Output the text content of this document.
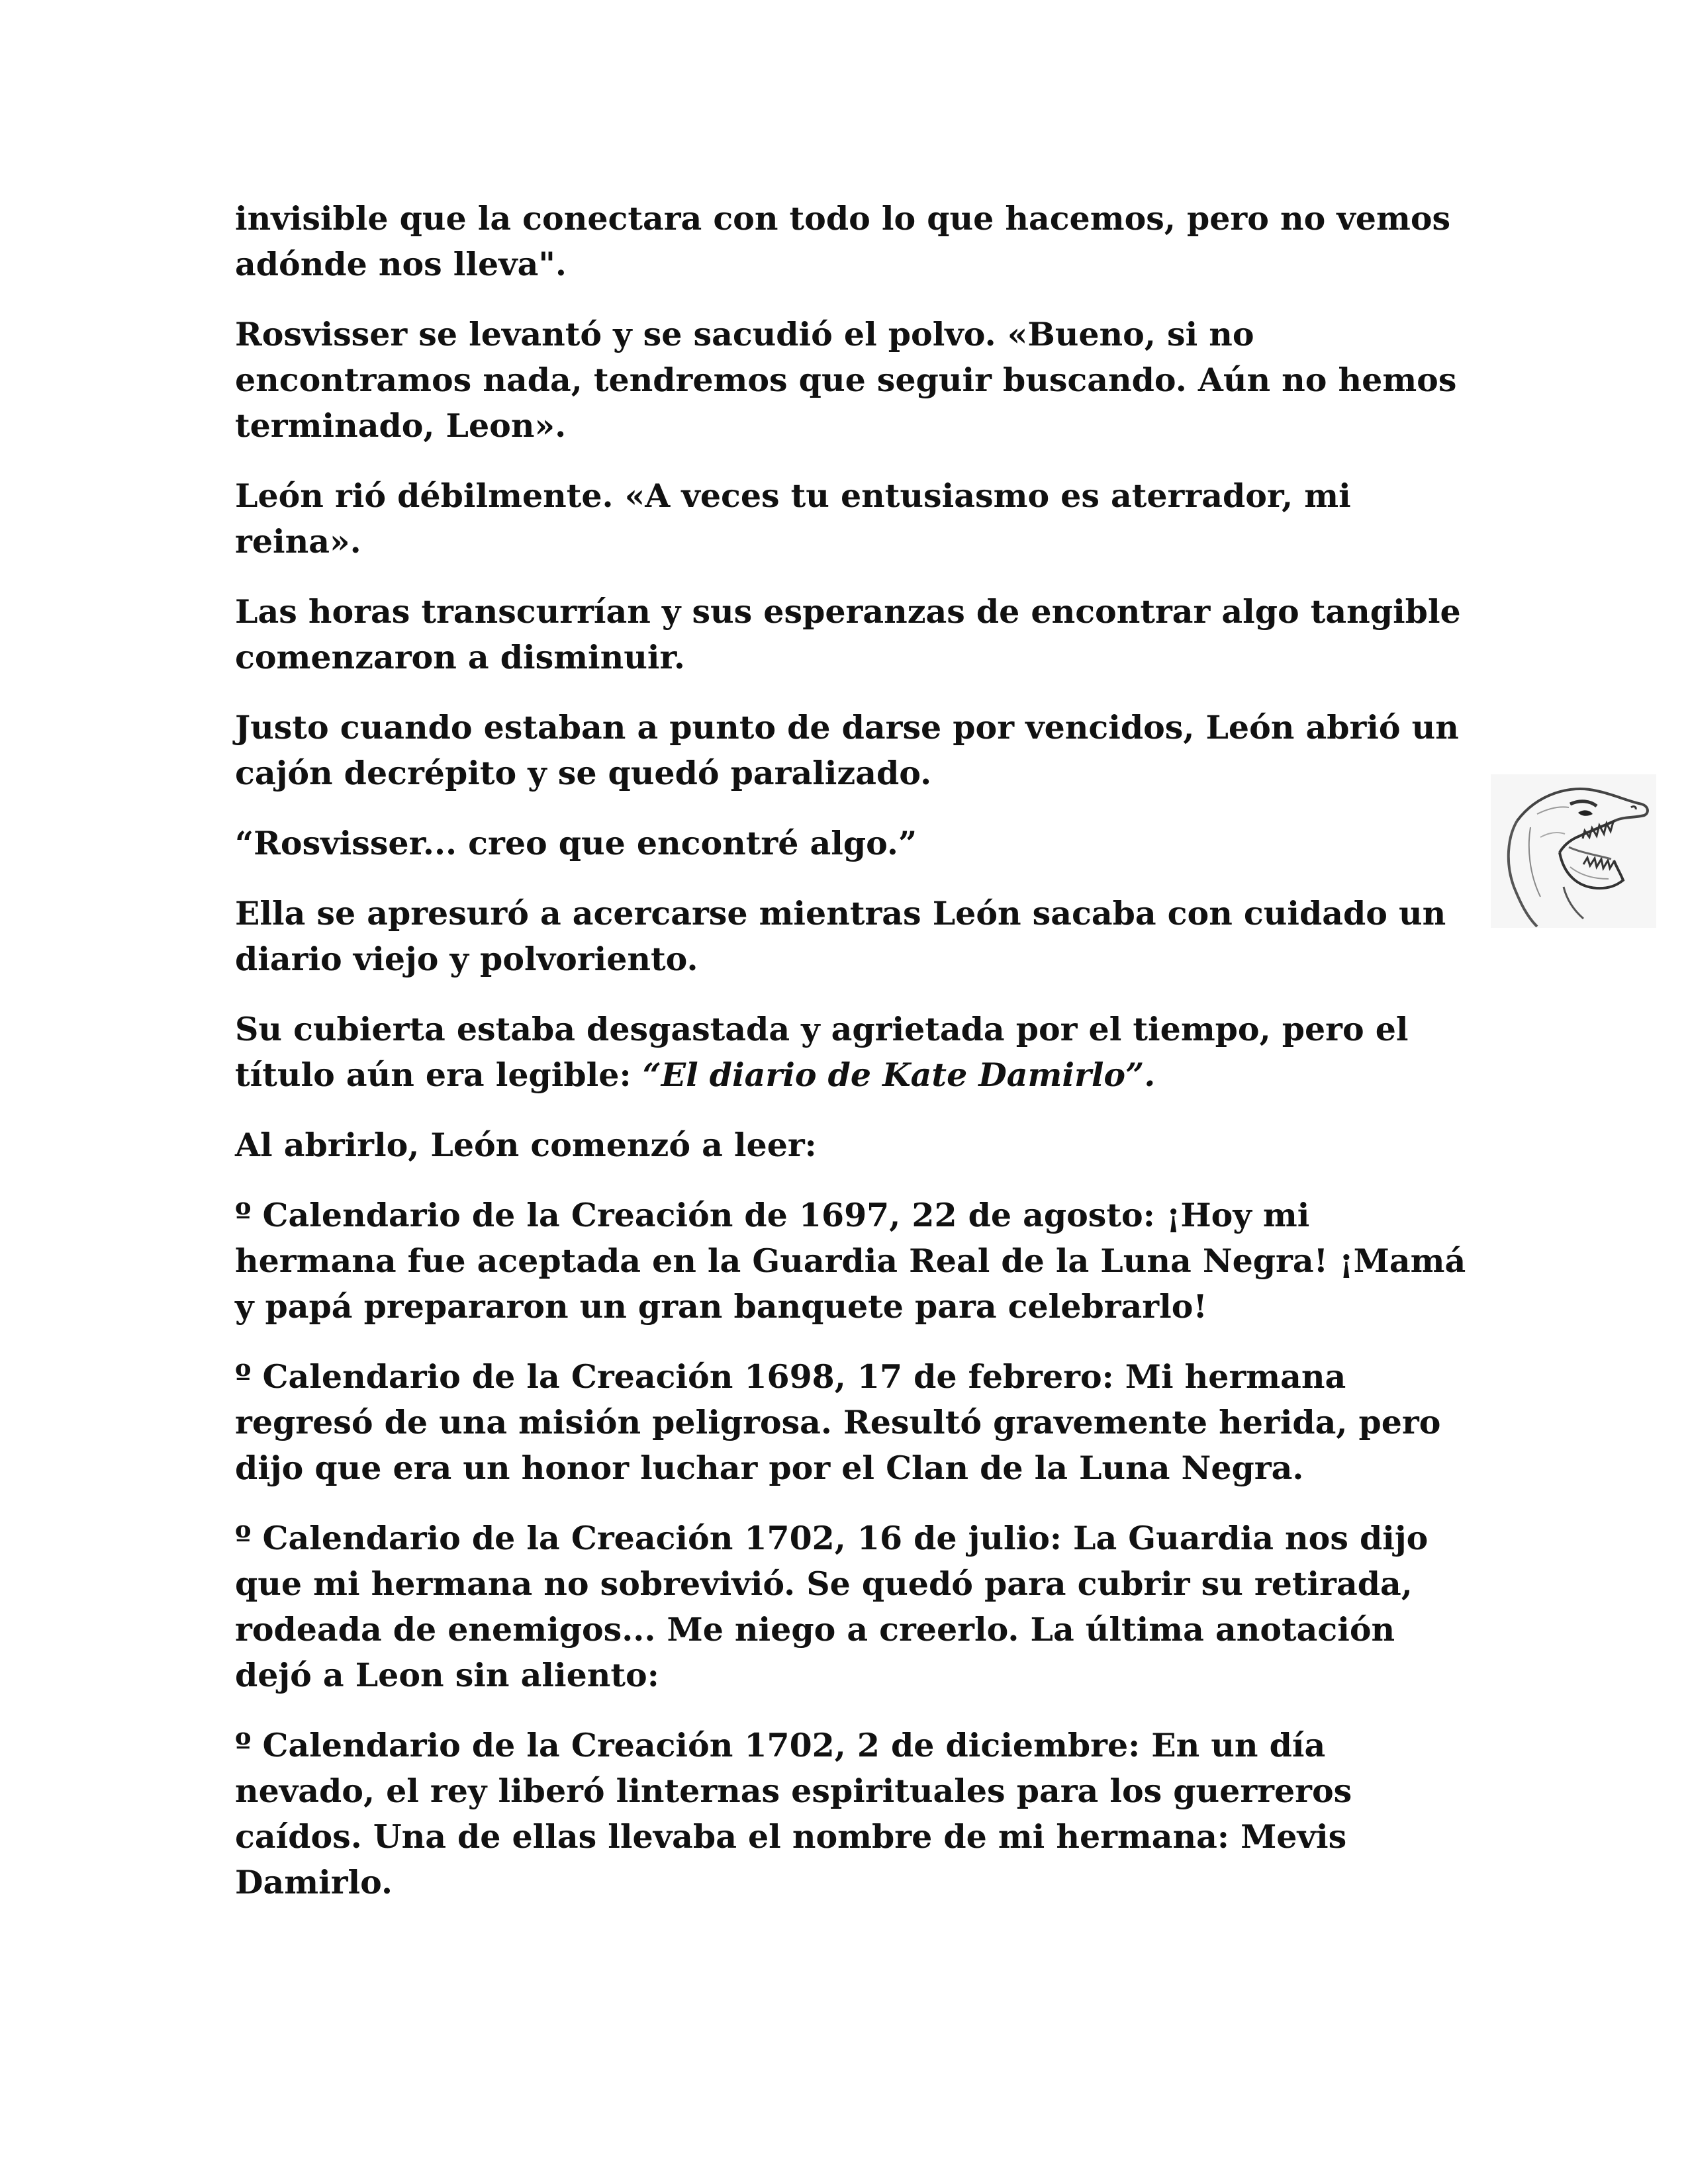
invisible que la conectara con todo lo que hacemos, pero no vemos adónde nos lleva".

Rosvisser se levantó y se sacudió el polvo. «Bueno, si no encontramos nada, tendremos que seguir buscando. Aún no hemos terminado, Leon».

León rió débilmente. «A veces tu entusiasmo es aterrador, mi reina».

Las horas transcurrían y sus esperanzas de encontrar algo tangible comenzaron a disminuir.

Justo cuando estaban a punto de darse por vencidos, León abrió un cajón decrépito y se quedó paralizado.

“Rosvisser... creo que encontré algo.”

Ella se apresuró a acercarse mientras León sacaba con cuidado un diario viejo y polvoriento.

Su cubierta estaba desgastada y agrietada por el tiempo, pero el título aún era legible: “El diario de Kate Damirlo”.

Al abrirlo, León comenzó a leer:

º Calendario de la Creación de 1697, 22 de agosto: ¡Hoy mi hermana fue aceptada en la Guardia Real de la Luna Negra! ¡Mamá y papá prepararon un gran banquete para celebrarlo!

º Calendario de la Creación 1698, 17 de febrero: Mi hermana regresó de una misión peligrosa. Resultó gravemente herida, pero dijo que era un honor luchar por el Clan de la Luna Negra.

º Calendario de la Creación 1702, 16 de julio: La Guardia nos dijo que mi hermana no sobrevivió. Se quedó para cubrir su retirada, rodeada de enemigos... Me niego a creerlo. La última anotación dejó a Leon sin aliento:

º Calendario de la Creación 1702, 2 de diciembre: En un día nevado, el rey liberó linternas espirituales para los guerreros caídos. Una de ellas llevaba el nombre de mi hermana: Mevis Damirlo.
